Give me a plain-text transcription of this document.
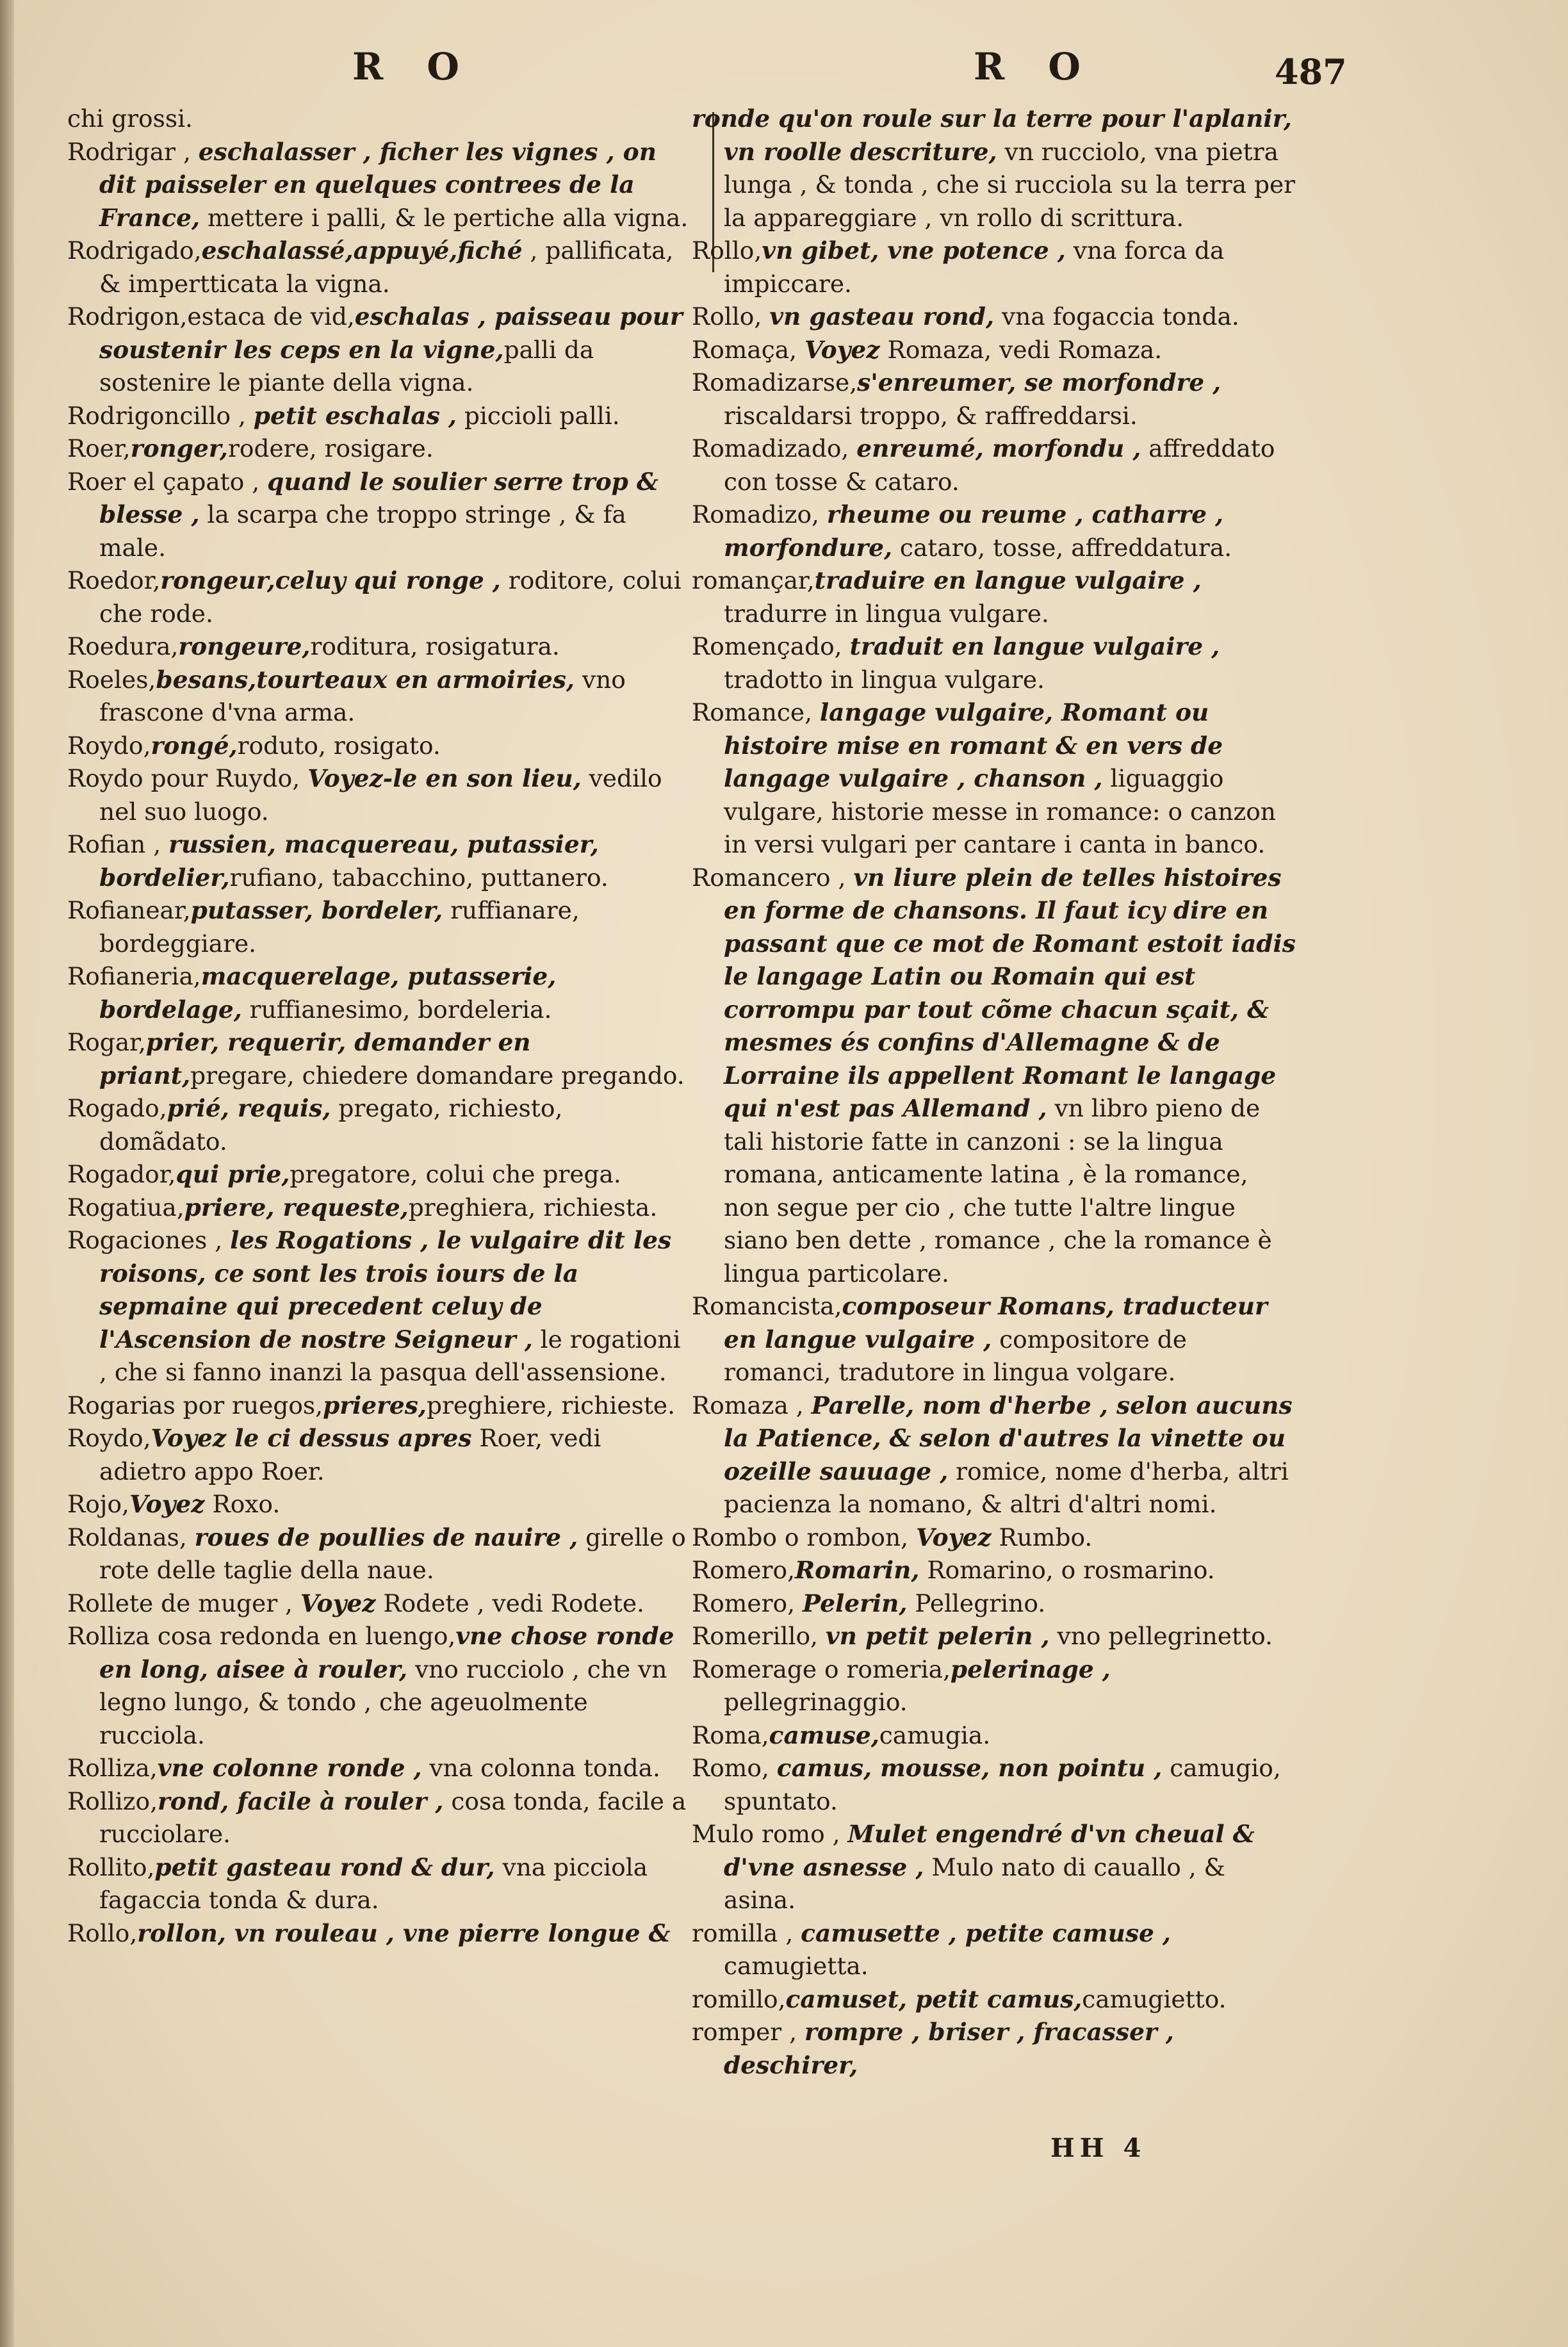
R O	R O	487

chi grossi.

Rodrigar , eschalasser , ficher les vignes , on dit paisseler en quelques contrees de la France, mettere i palli, & le pertiche alla vigna.

Rodrigado,eschalassé,appuyé,fiché , pallificata, & impertticata la vigna.

Rodrigon,estaca de vid,eschalas , paisseau pour soustenir les ceps en la vigne,palli da sostenire le piante della vigna.

Rodrigoncillo , petit eschalas , piccioli palli.

Roer,ronger,rodere, rosigare.

Roer el çapato , quand le soulier serre trop & blesse , la scarpa che troppo stringe , & fa male.

Roedor,rongeur,celuy qui ronge , roditore, colui che rode.

Roedura,rongeure,roditura, rosigatura.

Roeles,besans,tourteaux en armoiries, vno frascone d'vna arma.

Roydo,rongé,roduto, rosigato.

Roydo pour Ruydo, Voyez-le en son lieu, vedilo nel suo luogo.

Rofian , russien, macquereau, putassier, bordelier,rufiano, tabacchino, puttanero.

Rofianear,putasser, bordeler, ruffianare, bordeggiare.

Rofianeria,macquerelage, putasserie, bordelage, ruffianesimo, bordeleria.

Rogar,prier, requerir, demander en priant,pregare, chiedere domandare pregando.

Rogado,prié, requis, pregato, richiesto, domãdato.

Rogador,qui prie,pregatore, colui che prega.

Rogatiua,priere, requeste,preghiera, richiesta.

Rogaciones , les Rogations , le vulgaire dit les roisons, ce sont les trois iours de la sepmaine qui precedent celuy de l'Ascension de nostre Seigneur , le rogationi , che si fanno inanzi la pasqua dell'assensione.

Rogarias por ruegos,prieres,preghiere, richieste.

Roydo,Voyez le ci dessus apres Roer, vedi adietro appo Roer.

Rojo,Voyez Roxo.

Roldanas, roues de poullies de nauire , girelle o rote delle taglie della naue.

Rollete de muger , Voyez Rodete , vedi Rodete.

Rolliza cosa redonda en luengo,vne chose ronde en long, aisee à rouler, vno rucciolo , che vn legno lungo, & tondo , che agеuolmente rucciola.

Rolliza,vne colonne ronde , vna colonna tonda.

Rollizo,rond, facile à rouler , cosa tonda, facile a rucciolare.

Rollito,petit gasteau rond & dur, vna picciola fagaccia tonda & dura.

Rollo,rollon, vn rouleau , vne pierre longue &

ronde qu'on roule sur la terre pour l'aplanir, vn roolle descriture, vn rucciolo, vna pietra lunga , & tonda , che si rucciola su la terra per la appareggiare , vn rollo di scrittura.

Rollo,vn gibet, vne potence , vna forca da impiccare.

Rollo, vn gasteau rond, vna fogaccia tonda.

Romaça, Voyez Romaza, vedi Romaza.

Romadizarse,s'enreumer, se morfondre , riscaldarsi troppo, & raffreddarsi.

Romadizado, enreumé, morfondu , affreddato con tosse & cataro.

Romadizo, rheume ou reume , catharre , morfondure, cataro, tosse, affreddatura.

romançar,traduire en langue vulgaire , tradurre in lingua vulgare.

Romençado, traduit en langue vulgaire , tradotto in lingua vulgare.

Romance, langage vulgaire, Romant ou histoire mise en romant & en vers de langage vulgaire , chanson , liguaggio vulgare, historie messe in romance: o canzon in versi vulgari per cantare i canta in banco.

Romancero , vn liure plein de telles histoires en forme de chansons. Il faut icy dire en passant que ce mot de Romant estoit iadis le langage Latin ou Romain qui est corrompu par tout cõme chacun sçait, & mesmes és confins d'Allemagne & de Lorraine ils appellent Romant le langage qui n'est pas Allemand , vn libro pieno de tali historie fatte in canzoni : se la lingua romana, anticamente latina , è la romance, non segue per cio , che tutte l'altre lingue siano ben dette , romance , che la romance è lingua particolare.

Romancista,composeur Romans, traducteur en langue vulgaire , compositore de romanci, tradutore in lingua volgare.

Romaza , Parelle, nom d'herbe , selon aucuns la Patience, & selon d'autres la vinette ou ozeille sauuage , romice, nome d'herba, altri pacienza la nomano, & altri d'altri nomi.

Rombo o rombon, Voyez Rumbo.

Romero,Romarin, Romarino, o rosmarino.

Romero, Pelerin, Pellegrino.

Romerillo, vn petit pelerin , vno pellegrinetto.

Romerage o romeria,pelerinage , pellegrinaggio.

Roma,camuse,camugia.

Romo, camus, mousse, non pointu , camugio, spuntato.

Mulo romo , Mulet engendré d'vn cheual & d'vne asnesse , Mulo nato di cauallo , & asina.

romilla , camusette , petite camuse , camugietta.

romillo,camuset, petit camus,camugietto.

romper , rompre , briser , fracasser , deschirer,

HH 4
